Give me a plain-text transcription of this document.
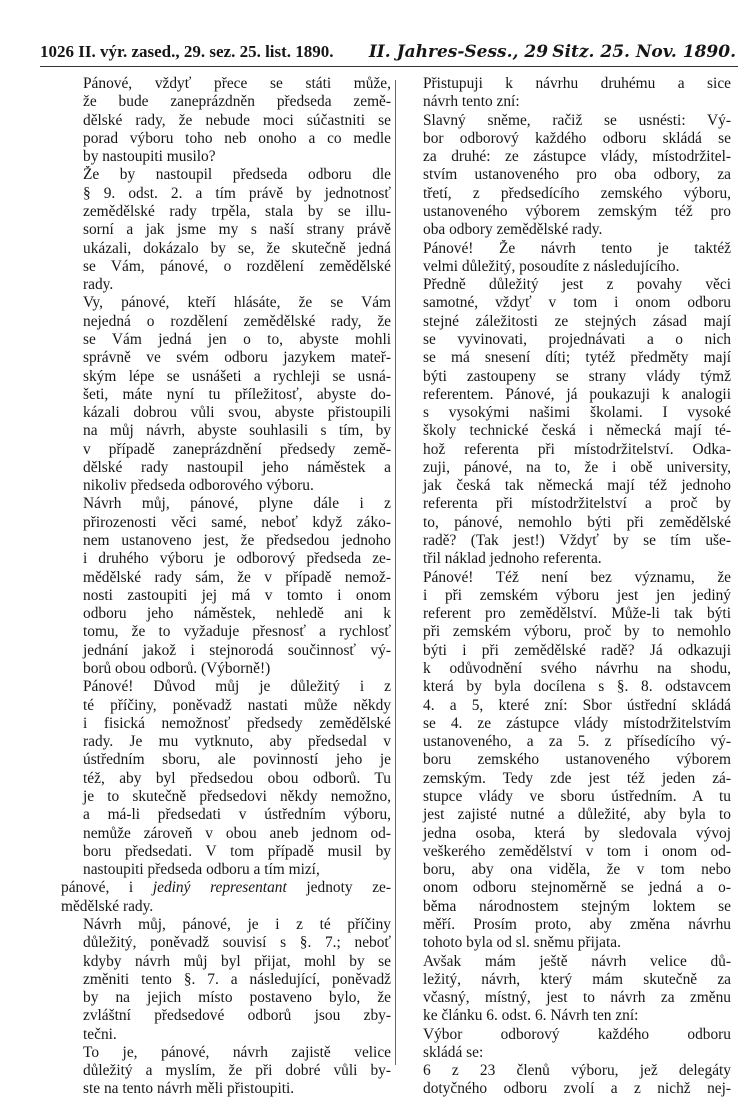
1026 II. výr. zased., 29. sez. 25. list. 1890. II. Jahres-Sess., 29 Sitz. 25. Nov. 1890.
Pánové, vždyť přece se státi může,
že bude zaneprázdněn předseda země-
dělské rady, že nebude moci súčastniti se
porad výboru toho neb onoho a co medle
by nastoupiti musilo?
Že by nastoupil předseda odboru dle
§ 9. odst. 2. a tím právě by jednotnosť
zemědělské rady trpěla, stala by se illu-
sorní a jak jsme my s naší strany právě
ukázali, dokázalo by se, že skutečně jedná
se Vám, pánové, o rozdělení zemědělské
rady.
Vy, pánové, kteří hlásáte, že se Vám
nejedná o rozdělení zemědělské rady, že
se Vám jedná jen o to, abyste mohli
správně ve svém odboru jazykem mateř-
ským lépe se usnášeti a rychleji se usná-
šeti, máte nyní tu příležitosť, abyste do-
kázali dobrou vůli svou, abyste přistoupili
na můj návrh, abyste souhlasili s tím, by
v případě zaneprázdnění předsedy země-
dělské rady nastoupil jeho náměstek a
nikoliv předseda odborového výboru.
Návrh můj, pánové, plyne dále i z
přirozenosti věci samé, neboť když záko-
nem ustanoveno jest, že předsedou jednoho
i druhého výboru je odborový předseda ze-
mědělské rady sám, že v případě nemož-
nosti zastoupiti jej má v tomto i onom
odboru jeho náměstek, nehledě ani k
tomu, že to vyžaduje přesnosť a rychlosť
jednání jakož i stejnorodá součinnosť vý-
borů obou odborů. (Výborně!)
Pánové! Důvod můj je důležitý i z
té příčiny, poněvadž nastati může někdy
i fisická nemožnosť předsedy zemědělské
rady. Je mu vytknuto, aby předsedal v
ústředním sboru, ale povinností jeho je
též, aby byl předsedou obou odborů. Tu
je to skutečně předsedovi někdy nemožno,
a má-li předsedati v ústředním výboru,
nemůže zároveň v obou aneb jednom od-
boru předsedati. V tom případě musil by
nastoupiti předseda odboru a tím mizí,
pánové, i jediný representant jednoty ze-
mědělské rady.
Návrh můj, pánové, je i z té příčiny
důležitý, poněvadž souvisí s §. 7.; neboť
kdyby návrh můj byl přijat, mohl by se
změniti tento §. 7. a následující, poněvadž
by na jejich místo postaveno bylo, že
zvláštní předsedové odborů jsou zby-
tečni.
To je, pánové, návrh zajistě velice
důležitý a myslím, že při dobré vůli by-
ste na tento návrh měli přistoupiti.
Přistupuji k návrhu druhému a sice
návrh tento zní:
Slavný sněme, račiž se usnésti: Vý-
bor odborový každého odboru skládá se
za druhé: ze zástupce vlády, místodržitel-
stvím ustanoveného pro oba odbory, za
třetí, z předsedícího zemského výboru,
ustanoveného výborem zemským též pro
oba odbory zemědělské rady.
Pánové! Že návrh tento je taktéž
velmi důležitý, posoudíte z následujícího.
Předně důležitý jest z povahy věci
samotné, vždyť v tom i onom odboru
stejné záležitosti ze stejných zásad mají
se vyvinovati, projednávati a o nich
se má snesení díti; tytéž předměty mají
býti zastoupeny se strany vlády týmž
referentem. Pánové, já poukazuji k analogii
s vysokými našimi školami. I vysoké
školy technické česká i německá mají té-
hož referenta při místodržitelství. Odka-
zuji, pánové, na to, že i obě university,
jak česká tak německá mají též jednoho
referenta při místodržitelství a proč by
to, pánové, nemohlo býti při zemědělské
radě? (Tak jest!) Vždyť by se tím uše-
třil náklad jednoho referenta.
Pánové! Též není bez významu, že
i při zemském výboru jest jen jediný
referent pro zemědělství. Může-li tak býti
při zemském výboru, proč by to nemohlo
býti i při zemědělské radě? Já odkazuji
k odůvodnění svého návrhu na shodu,
která by byla docílena s §. 8. odstavcem
4. a 5, které zní: Sbor ústřední skládá
se 4. ze zástupce vlády místodržitelstvím
ustanoveného, a za 5. z přísedícího vý-
boru zemského ustanoveného výborem
zemským. Tedy zde jest též jeden zá-
stupce vlády ve sboru ústředním. A tu
jest zajisté nutné a důležité, aby byla to
jedna osoba, která by sledovala vývoj
veškerého zemědělství v tom i onom od-
boru, aby ona viděla, že v tom nebo
onom odboru stejnoměrně se jedná a o-
běma národnostem stejným loktem se
měří. Prosím proto, aby změna návrhu
tohoto byla od sl. sněmu přijata.
Avšak mám ještě návrh velice dů-
ležitý, návrh, který mám skutečně za
včasný, místný, jest to návrh za změnu
ke článku 6. odst. 6. Návrh ten zní:
Výbor odborový každého odboru
skládá se:
6 z 23 členů výboru, jež delegáty
dotyčného odboru zvolí a z nichž nej-
